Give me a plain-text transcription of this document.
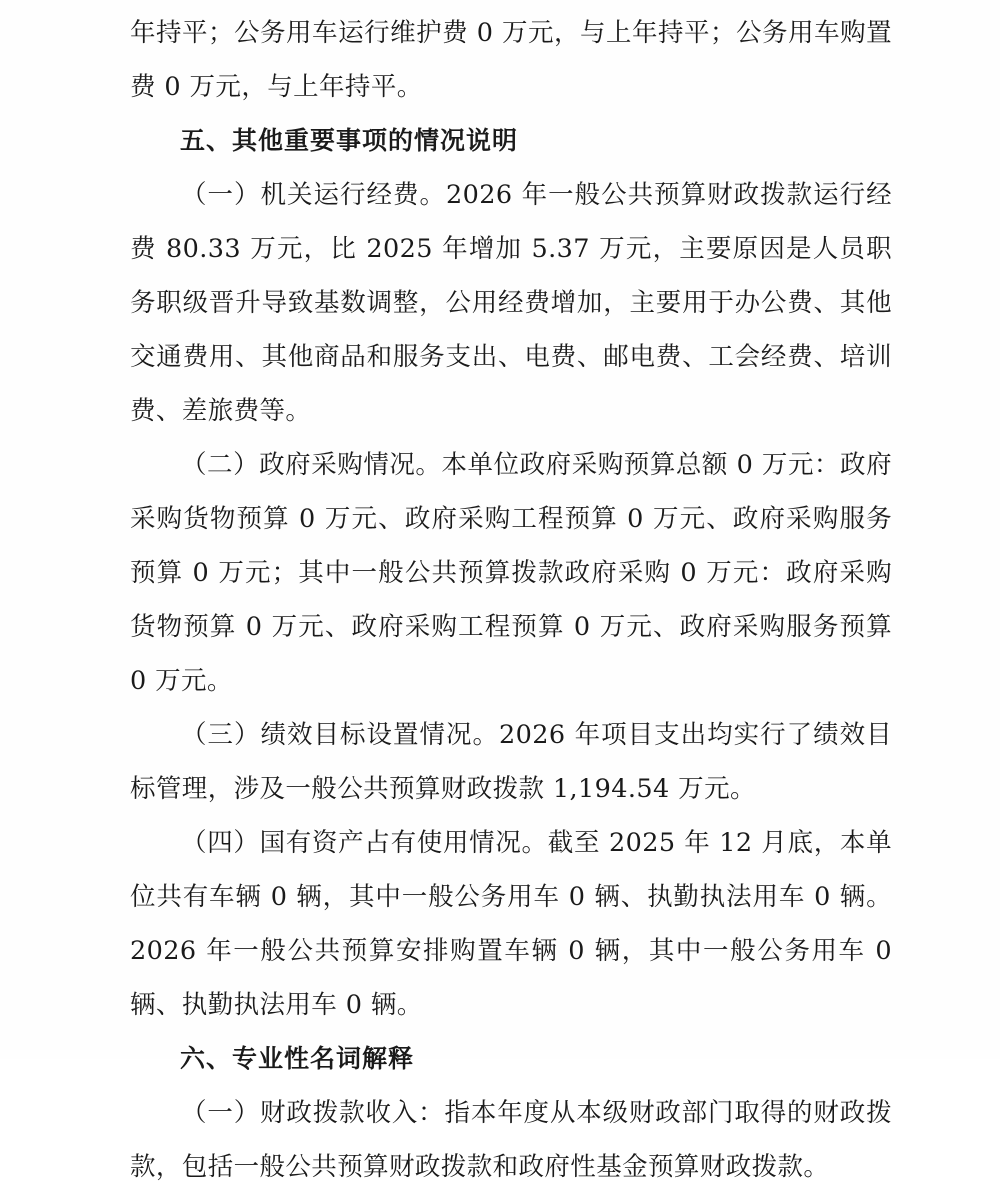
年持平；公务用车运行维护费 0 万元，与上年持平；公务用车购置费 0 万元，与上年持平。

五、其他重要事项的情况说明

（一）机关运行经费。2026 年一般公共预算财政拨款运行经费 80.33 万元，比 2025 年增加 5.37 万元，主要原因是人员职务职级晋升导致基数调整，公用经费增加，主要用于办公费、其他交通费用、其他商品和服务支出、电费、邮电费、工会经费、培训费、差旅费等。

（二）政府采购情况。本单位政府采购预算总额 0 万元：政府采购货物预算 0 万元、政府采购工程预算 0 万元、政府采购服务预算 0 万元；其中一般公共预算拨款政府采购 0 万元：政府采购货物预算 0 万元、政府采购工程预算 0 万元、政府采购服务预算 0 万元。

（三）绩效目标设置情况。2026 年项目支出均实行了绩效目标管理，涉及一般公共预算财政拨款 1,194.54 万元。

（四）国有资产占有使用情况。截至 2025 年 12 月底，本单位共有车辆 0 辆，其中一般公务用车 0 辆、执勤执法用车 0 辆。2026 年一般公共预算安排购置车辆 0 辆，其中一般公务用车 0 辆、执勤执法用车 0 辆。

六、专业性名词解释

（一）财政拨款收入：指本年度从本级财政部门取得的财政拨款，包括一般公共预算财政拨款和政府性基金预算财政拨款。
